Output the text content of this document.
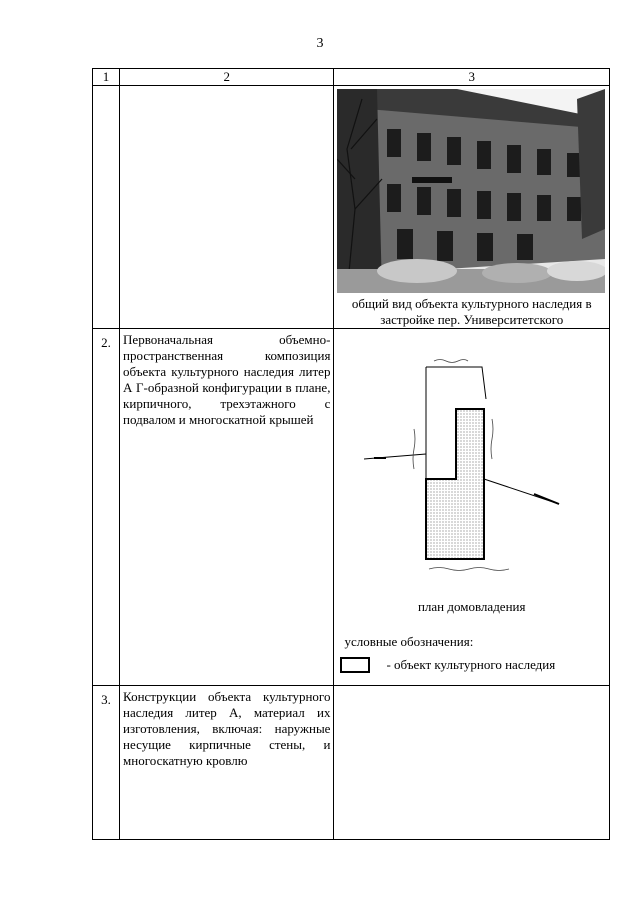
3
1	2	3

		общий вид объекта культурного наследия в застройке пер. Университетского

2.	Первоначальная объемно-пространственная композиция объекта культурного наследия литер А Г-образной конфигурации в плане, кирпичного, трехэтажного с подвалом и многоскатной крышей	план домовладения
условные обозначения:
- объект культурного наследия

3.	Конструкции объекта культурного наследия литер А, материал их изготовления, включая: наружные несущие кирпичные стены, и многоскатную кровлю	
